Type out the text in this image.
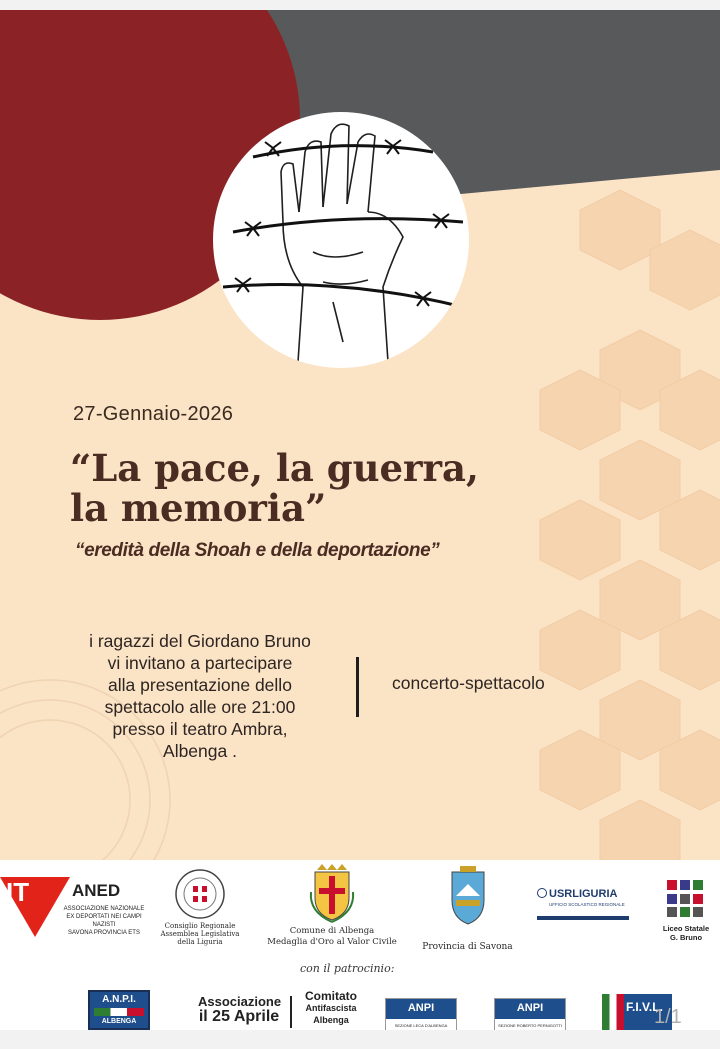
27-Gennaio-2026
“La pace, la guerra, la memoria”
“eredità della Shoah e della deportazione”
i ragazzi del Giordano Bruno
vi invitano a partecipare
alla presentazione dello
spettacolo alle ore 21:00
presso il teatro Ambra,
Albenga .
concerto-spettacolo
IT	ANED
ASSOCIAZIONE NAZIONALE
EX DEPORTATI NEI CAMPI NAZISTI
SAVONA PROVINCIA ETS
Consiglio Regionale
Assemblea Legislativa
della Liguria
Comune di Albenga
Medaglia d'Oro al Valor Civile	Provincia di Savona
USRLIGURIA
UFFICIO SCOLASTICO REGIONALE
Liceo Statale
G. Bruno
con il patrocinio:
A.N.P.I.
ALBENGA
Associazione
il 25 Aprile
Comitato
Antifascista
Albenga
ANPI
SEZIONE LECA D'ALBENGA
ANPI
SEZIONE ROBERTO PERNIGOTTI
F.I.V.L.
1/1
